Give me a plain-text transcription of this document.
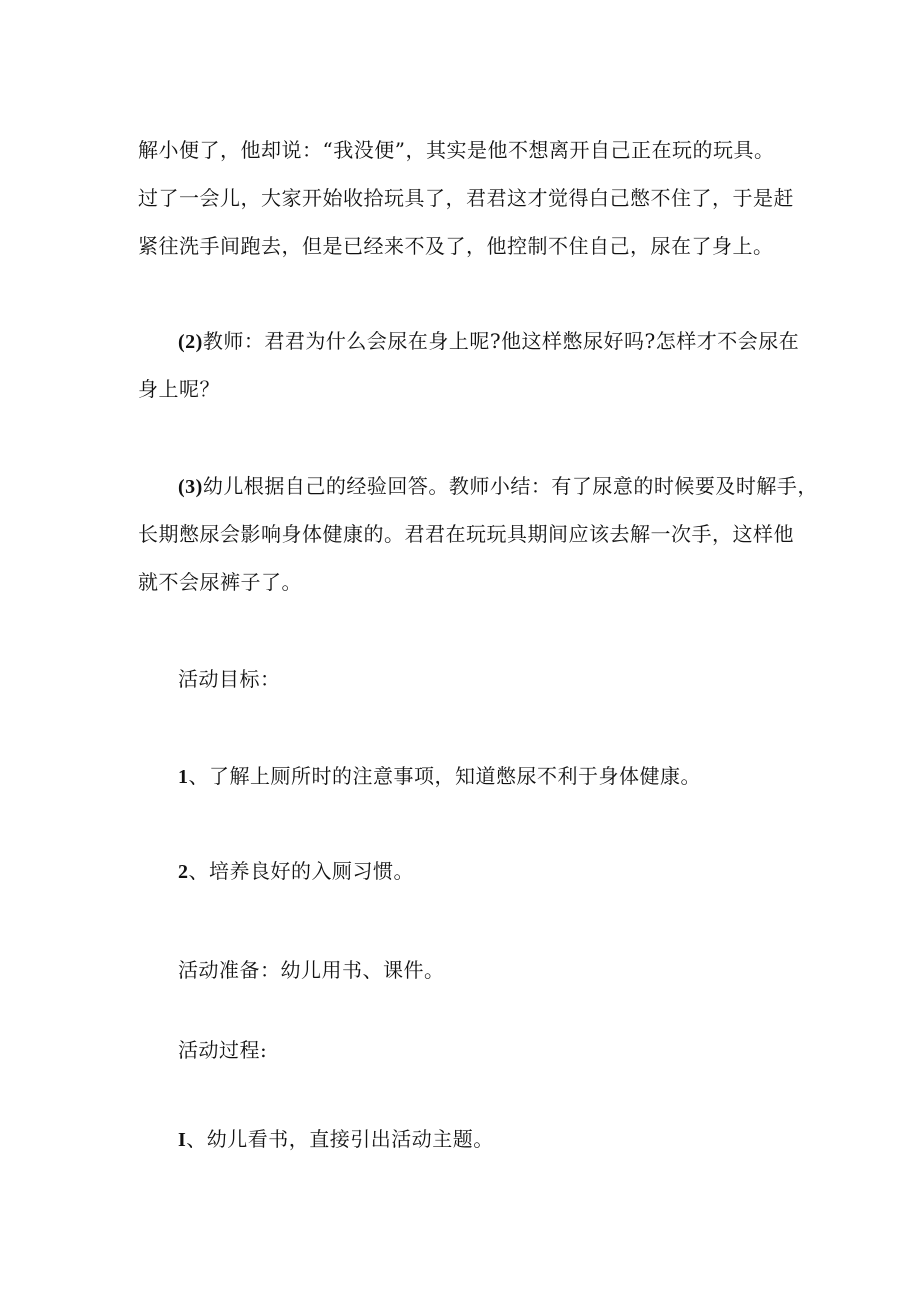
解小便了，他却说：“我没便”，其实是他不想离开自己正在玩的玩具。
过了一会儿，大家开始收拾玩具了，君君这才觉得白己憋不住了，于是赶
紧往洗手间跑去，但是已经来不及了，他控制不住自己，尿在了身上。
(2)教师：君君为什么会尿在身上呢?他这样憋尿好吗?怎样才不会尿在
身上呢？
(3)幼儿根据自己的经验回答。教师小结：有了尿意的时候要及时解手，
长期憋尿会影响身体健康的。君君在玩玩具期间应该去解一次手，这样他
就不会尿裤子了。
活动目标：
1、了解上厕所时的注意事项，知道憋尿不利于身体健康。
2、培养良好的入厕习惯。
活动准备：幼儿用书、课件。
活动过程:
I、幼儿看书，直接引出活动主题。
